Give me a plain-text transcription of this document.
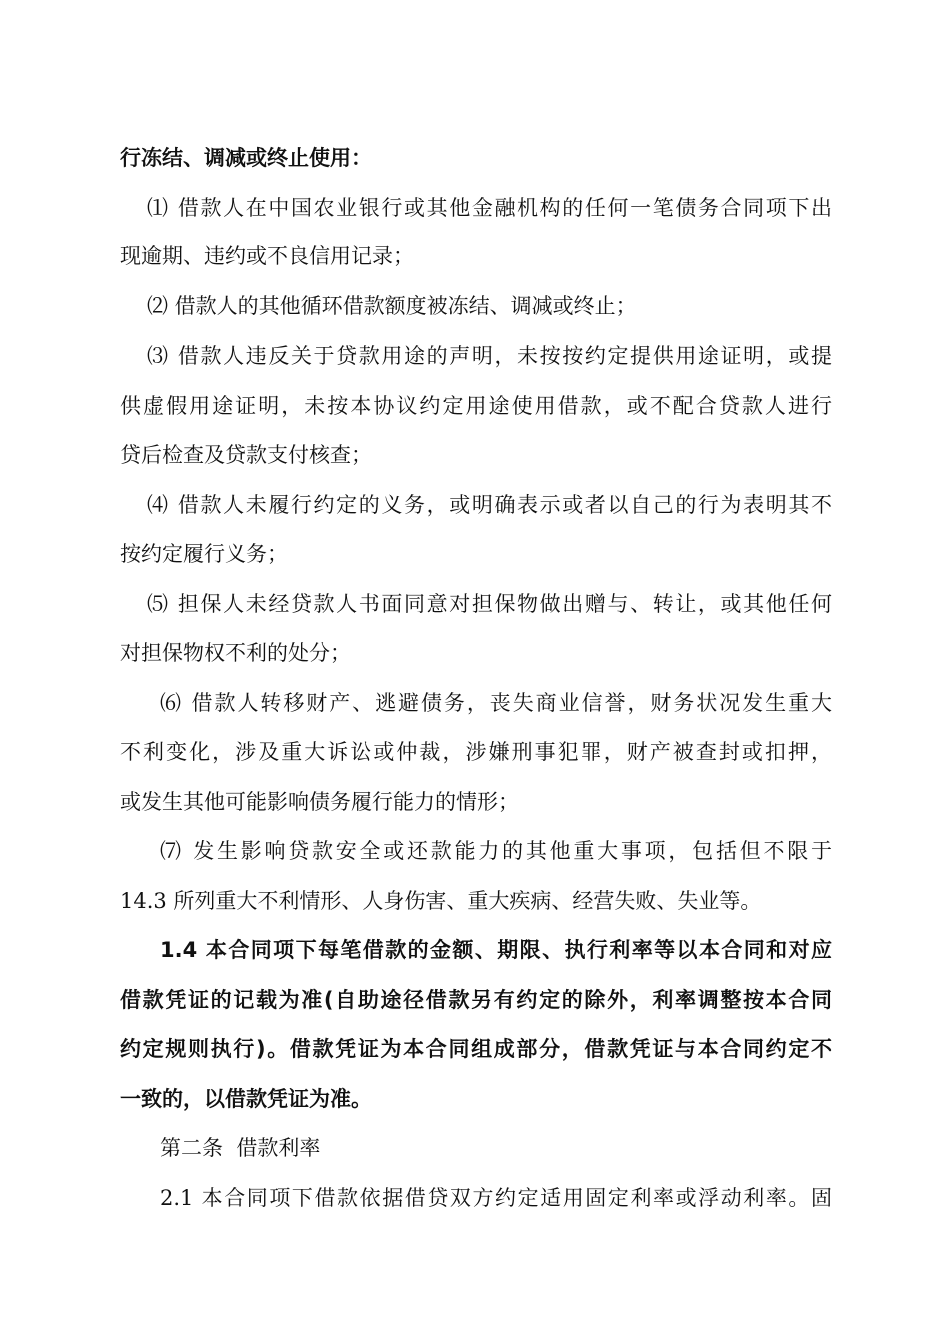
行冻结、调减或终止使用：
⑴ 借款人在中国农业银行或其他金融机构的任何一笔债务合同项下出
现逾期、违约或不良信用记录；
⑵ 借款人的其他循环借款额度被冻结、调减或终止；
⑶ 借款人违反关于贷款用途的声明，未按按约定提供用途证明，或提
供虚假用途证明，未按本协议约定用途使用借款，或不配合贷款人进行
贷后检查及贷款支付核查；
⑷ 借款人未履行约定的义务，或明确表示或者以自己的行为表明其不
按约定履行义务；
⑸ 担保人未经贷款人书面同意对担保物做出赠与、转让，或其他任何
对担保物权不利的处分；
⑹ 借款人转移财产、逃避债务，丧失商业信誉，财务状况发生重大
不利变化，涉及重大诉讼或仲裁，涉嫌刑事犯罪，财产被查封或扣押，
或发生其他可能影响债务履行能力的情形；
⑺ 发生影响贷款安全或还款能力的其他重大事项，包括但不限于
14.3 所列重大不利情形、人身伤害、重大疾病、经营失败、失业等。
1.4 本合同项下每笔借款的金额、期限、执行利率等以本合同和对应
借款凭证的记载为准(自助途径借款另有约定的除外，利率调整按本合同
约定规则执行)。借款凭证为本合同组成部分，借款凭证与本合同约定不
一致的，以借款凭证为准。
第二条  借款利率
2.1 本合同项下借款依据借贷双方约定适用固定利率或浮动利率。固
